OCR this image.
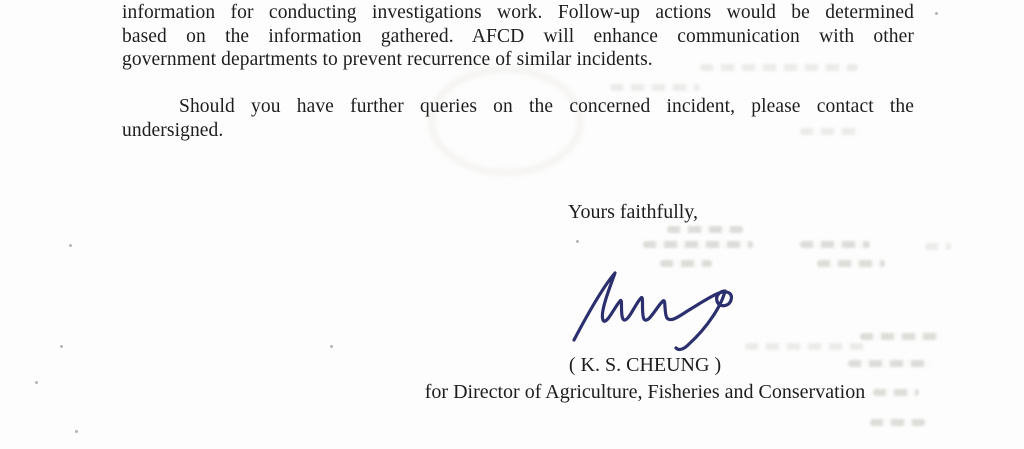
information for conducting investigations work. Follow-up actions would be determined
based on the information gathered. AFCD will enhance communication with other
government departments to prevent recurrence of similar incidents.
Should you have further queries on the concerned incident, please contact the
undersigned.
Yours faithfully,
( K. S. CHEUNG )
for Director of Agriculture, Fisheries and Conservation
